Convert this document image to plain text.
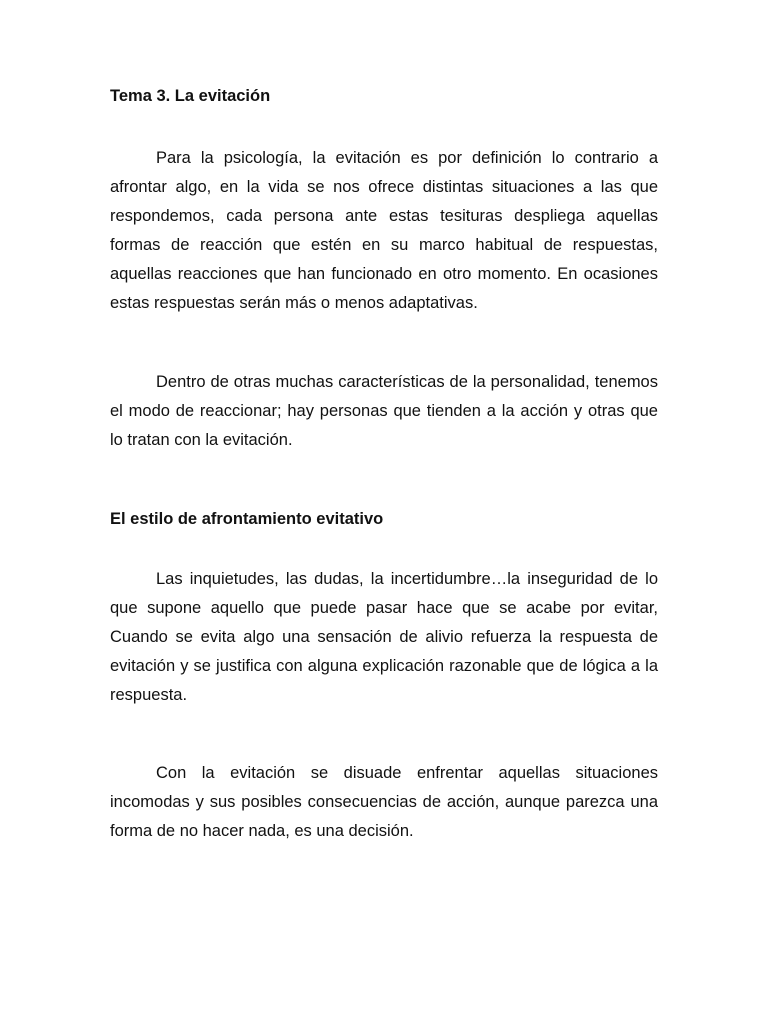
Tema 3. La evitación

Para la psicología, la evitación es por definición lo contrario a afrontar algo, en la vida se nos ofrece distintas situaciones a las que respondemos, cada persona ante estas tesituras despliega aquellas formas de reacción que estén en su marco habitual de respuestas, aquellas reacciones que han funcionado en otro momento. En ocasiones estas respuestas serán más o menos adaptativas.

Dentro de otras muchas características de la personalidad, tenemos el modo de reaccionar; hay personas que tienden a la acción y otras que lo tratan con la evitación.

El estilo de afrontamiento evitativo

Las inquietudes, las dudas, la incertidumbre…la inseguridad de lo que supone aquello que puede pasar hace que se acabe por evitar, Cuando se evita algo una sensación de alivio refuerza la respuesta de evitación y se justifica con alguna explicación razonable que de lógica a la respuesta.

Con la evitación se disuade enfrentar aquellas situaciones incomodas y sus posibles consecuencias de acción, aunque parezca una forma de no hacer nada, es una decisión.
